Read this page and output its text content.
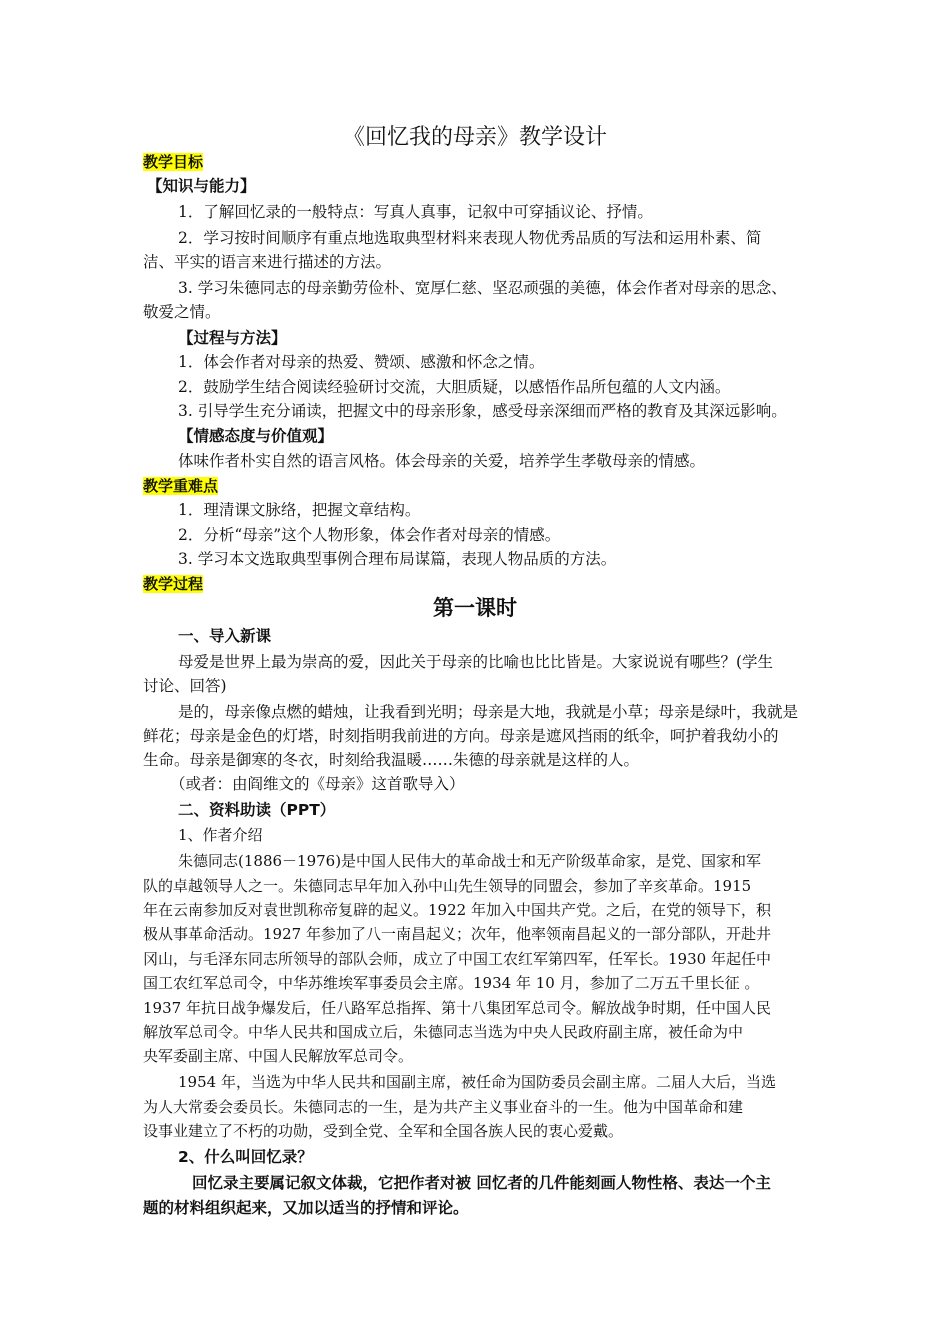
《回忆我的母亲》教学设计
教学目标
【知识与能力】
1．了解回忆录的一般特点：写真人真事，记叙中可穿插议论、抒情。
2．学习按时间顺序有重点地选取典型材料来表现人物优秀品质的写法和运用朴素、简
洁、平实的语言来进行描述的方法。
3. 学习朱德同志的母亲勤劳俭朴、宽厚仁慈、坚忍顽强的美德，体会作者对母亲的思念、
敬爱之情。
【过程与方法】
1．体会作者对母亲的热爱、赞颂、感激和怀念之情。
2．鼓励学生结合阅读经验研讨交流，大胆质疑，以感悟作品所包蕴的人文内涵。
3. 引导学生充分诵读，把握文中的母亲形象，感受母亲深细而严格的教育及其深远影响。
【情感态度与价值观】
体味作者朴实自然的语言风格。体会母亲的关爱，培养学生孝敬母亲的情感。
教学重难点
1．理清课文脉络，把握文章结构。
2．分析“母亲”这个人物形象，体会作者对母亲的情感。
3. 学习本文选取典型事例合理布局谋篇，表现人物品质的方法。
教学过程
第一课时
一、导入新课
母爱是世界上最为崇高的爱，因此关于母亲的比喻也比比皆是。大家说说有哪些？(学生
讨论、回答)
是的，母亲像点燃的蜡烛，让我看到光明；母亲是大地，我就是小草；母亲是绿叶，我就是
鲜花；母亲是金色的灯塔，时刻指明我前进的方向。母亲是遮风挡雨的纸伞，呵护着我幼小的
生命。母亲是御寒的冬衣，时刻给我温暖……朱德的母亲就是这样的人。
（或者：由阎维文的《母亲》这首歌导入）
二、资料助读（PPT）
1、作者介绍
朱德同志(1886－1976)是中国人民伟大的革命战士和无产阶级革命家，是党、国家和军
队的卓越领导人之一。朱德同志早年加入孙中山先生领导的同盟会，参加了辛亥革命。1915
年在云南参加反对袁世凯称帝复辟的起义。1922 年加入中国共产党。之后，在党的领导下，积
极从事革命活动。1927 年参加了八一南昌起义；次年，他率领南昌起义的一部分部队，开赴井
冈山，与毛泽东同志所领导的部队会师，成立了中国工农红军第四军，任军长。1930 年起任中
国工农红军总司令，中华苏维埃军事委员会主席。1934 年 10 月，参加了二万五千里长征 。
1937 年抗日战争爆发后，任八路军总指挥、第十八集团军总司令。解放战争时期，任中国人民
解放军总司令。中华人民共和国成立后，朱德同志当选为中央人民政府副主席，被任命为中
央军委副主席、中国人民解放军总司令。
1954 年，当选为中华人民共和国副主席，被任命为国防委员会副主席。二届人大后，当选
为人大常委会委员长。朱德同志的一生，是为共产主义事业奋斗的一生。他为中国革命和建
设事业建立了不朽的功勋，受到全党、全军和全国各族人民的衷心爱戴。
2、什么叫回忆录？
回忆录主要属记叙文体裁，它把作者对被 回忆者的几件能刻画人物性格、表达一个主
题的材料组织起来，又加以适当的抒情和评论。
